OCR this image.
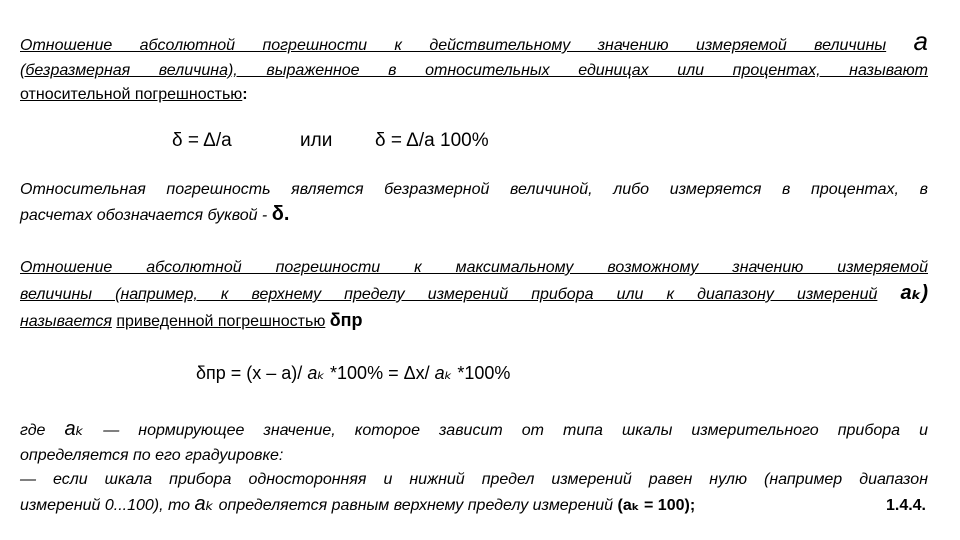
Отношение абсолютной погрешности к действительному значению измеряемой величины а
(безразмерная величина), выраженное в относительных единицах или процентах, называют
относительной погрешностью:
δ = Δ/а	или δ = Δ/а 100%
Относительная погрешность является безразмерной величиной, либо измеряется в процентах, в
расчетах обозначается буквой - δ.
Отношение абсолютной погрешности к максимальному возможному значению измеряемой
величины (например, к верхнему пределу измерений прибора или к диапазону измерений аₖ)
называется приведенной погрешностью δпр
δпр = (х – а)/ аₖ *100% = Δх/ аₖ *100%
где аₖ — нормирующее значение, которое зависит от типа шкалы измерительного прибора и
определяется по его градуировке:
— если шкала прибора односторонняя и нижний предел измерений равен нулю (например диапазон
измерений 0...100), то
аₖ
определяется равным верхнему пределу измерений
(аₖ = 100);	1.4.4.
